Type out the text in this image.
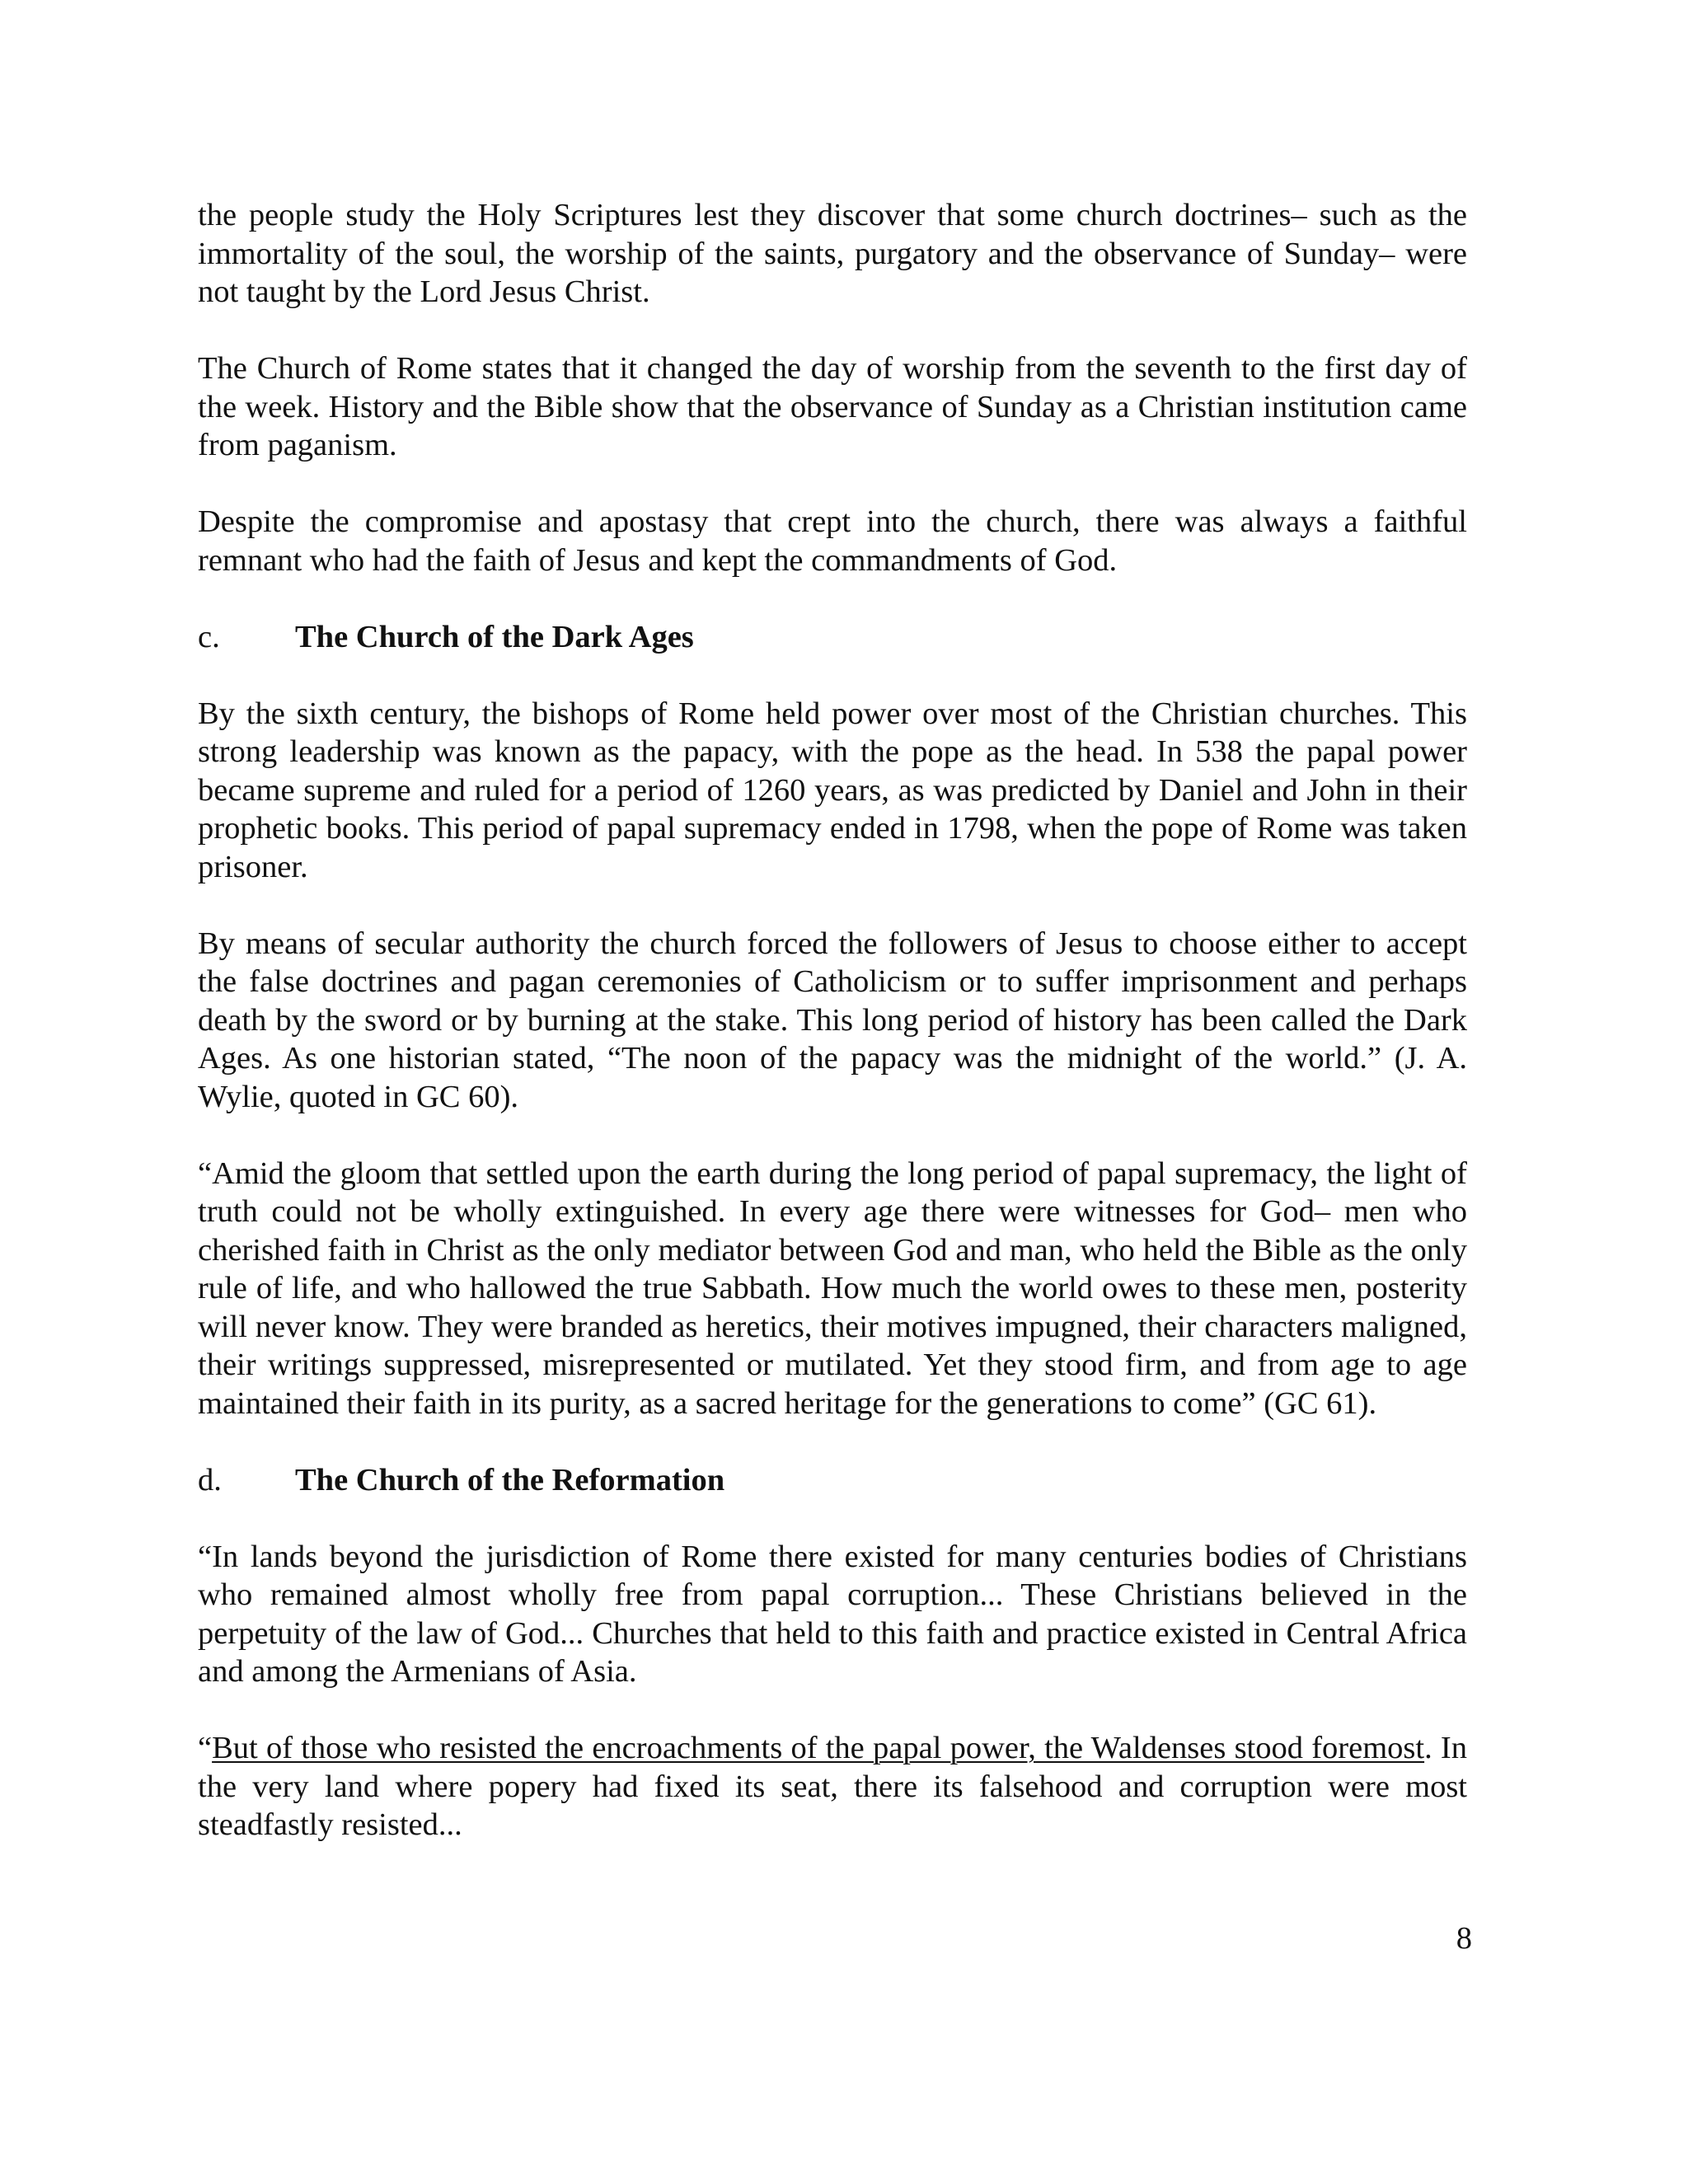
the people study the Holy Scriptures lest they discover that some church doctrines– such as the immortality of the soul, the worship of the saints, purgatory and the observance of Sunday– were not taught by the Lord Jesus Christ.

The Church of Rome states that it changed the day of worship from the seventh to the first day of the week. History and the Bible show that the observance of Sunday as a Christian institution came from paganism.

Despite the compromise and apostasy that crept into the church, there was always a faithful remnant who had the faith of Jesus and kept the commandments of God.

c. The Church of the Dark Ages

By the sixth century, the bishops of Rome held power over most of the Christian churches. This strong leadership was known as the papacy, with the pope as the head. In 538 the papal power became supreme and ruled for a period of 1260 years, as was predicted by Daniel and John in their prophetic books. This period of papal supremacy ended in 1798, when the pope of Rome was taken prisoner.

By means of secular authority the church forced the followers of Jesus to choose either to accept the false doctrines and pagan ceremonies of Catholicism or to suffer imprisonment and perhaps death by the sword or by burning at the stake. This long period of history has been called the Dark Ages. As one historian stated, “The noon of the papacy was the midnight of the world.” (J. A. Wylie, quoted in GC 60).

“Amid the gloom that settled upon the earth during the long period of papal supremacy, the light of truth could not be wholly extinguished. In every age there were witnesses for God– men who cherished faith in Christ as the only mediator between God and man, who held the Bible as the only rule of life, and who hallowed the true Sabbath. How much the world owes to these men, posterity will never know. They were branded as heretics, their motives impugned, their characters maligned, their writings suppressed, misrepresented or mutilated. Yet they stood firm, and from age to age maintained their faith in its purity, as a sacred heritage for the generations to come” (GC 61).

d. The Church of the Reformation

“In lands beyond the jurisdiction of Rome there existed for many centuries bodies of Christians who remained almost wholly free from papal corruption... These Christians believed in the perpetuity of the law of God... Churches that held to this faith and practice existed in Central Africa and among the Armenians of Asia.

“But of those who resisted the encroachments of the papal power, the Waldenses stood foremost. In the very land where popery had fixed its seat, there its falsehood and corruption were most steadfastly resisted...

8
